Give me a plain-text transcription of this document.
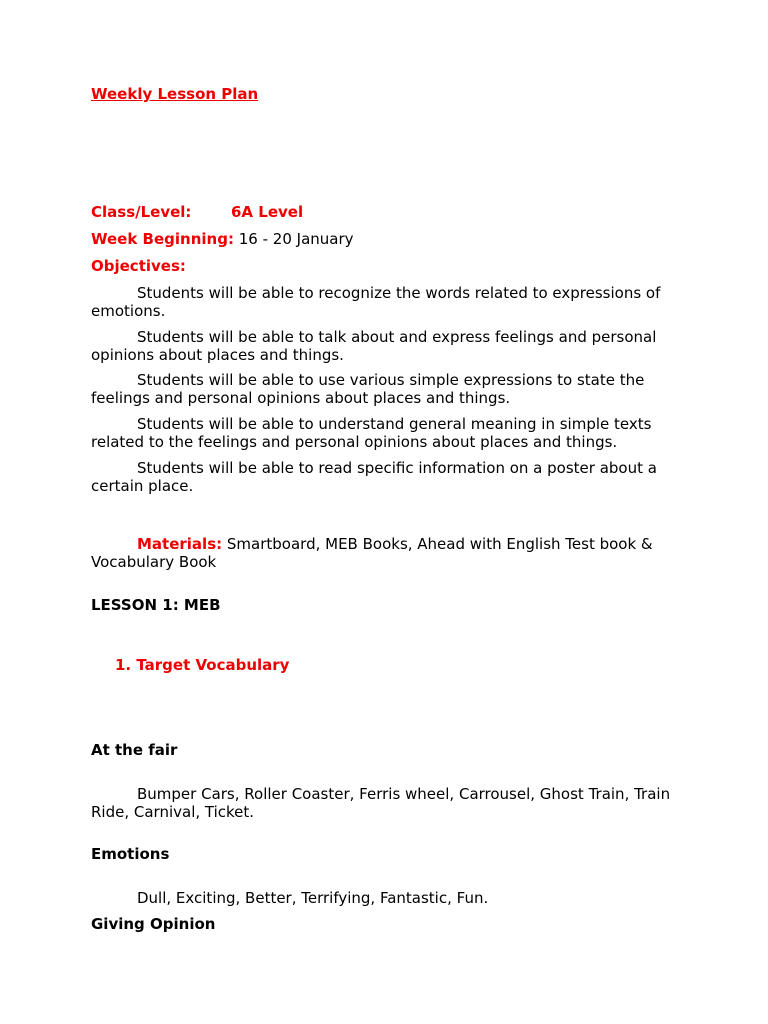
Weekly Lesson Plan
Class/Level:	6A Level
Week Beginning: 16 - 20 January
Objectives:
Students will be able to recognize the words related to expressions of emotions.
Students will be able to talk about and express feelings and personal opinions about places and things.
Students will be able to use various simple expressions to state the feelings and personal opinions about places and things.
Students will be able to understand general meaning in simple texts related to the feelings and personal opinions about places and things.
Students will be able to read specific information on a poster about a certain place.
Materials: Smartboard, MEB Books, Ahead with English Test book & Vocabulary Book
LESSON 1: MEB
1. Target Vocabulary
At the fair
Bumper Cars, Roller Coaster, Ferris wheel, Carrousel, Ghost Train, Train Ride, Carnival, Ticket.
Emotions
Dull, Exciting, Better, Terrifying, Fantastic, Fun.
Giving Opinion
